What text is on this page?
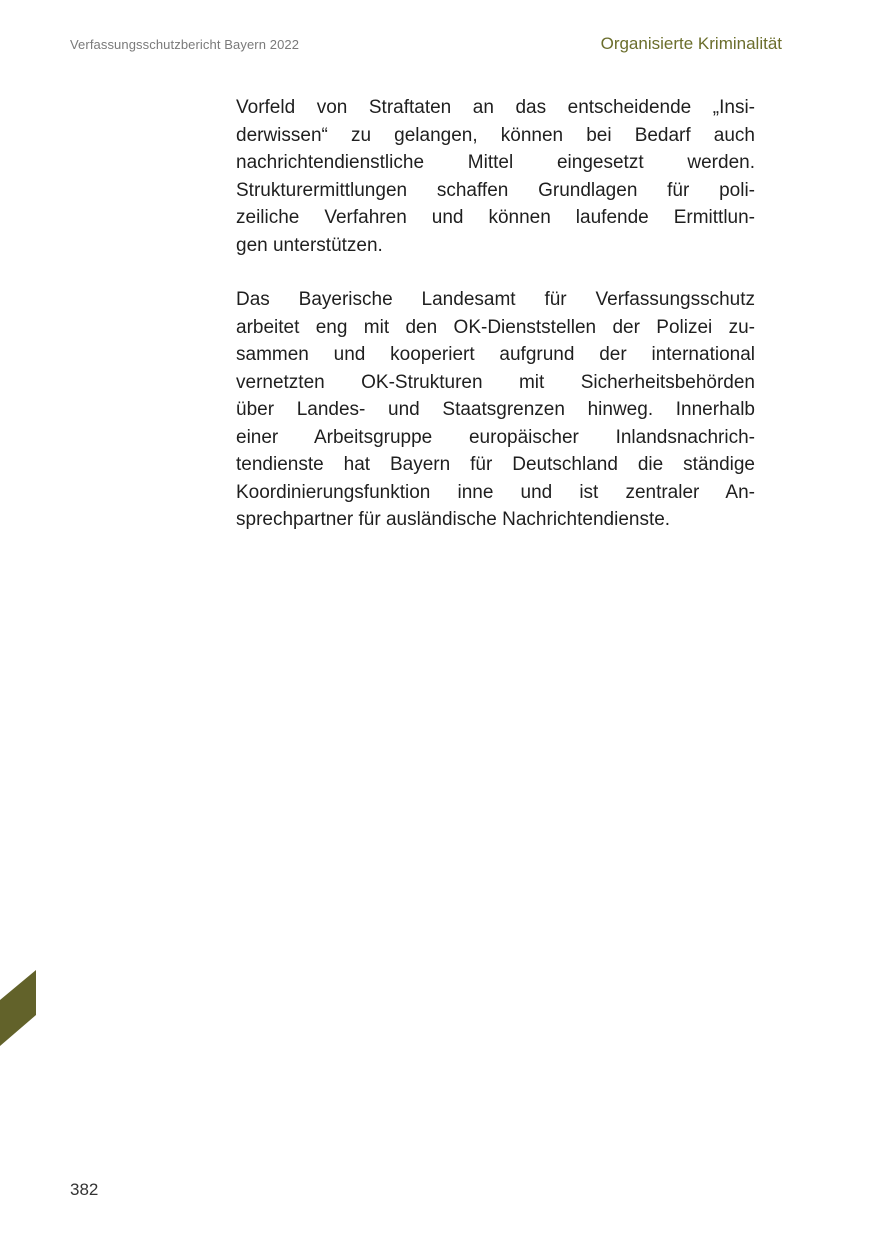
Verfassungsschutzbericht Bayern 2022	Organisierte Kriminalität

Vorfeld von Straftaten an das entscheidende „Insi-
derwissen“ zu gelangen, können bei Bedarf auch
nachrichtendienstliche Mittel eingesetzt werden.
Strukturermittlungen schaffen Grundlagen für poli-
zeiliche Verfahren und können laufende Ermittlun-
gen unterstützen.

Das Bayerische Landesamt für Verfassungsschutz
arbeitet eng mit den OK-Dienststellen der Polizei zu-
sammen und kooperiert aufgrund der international
vernetzten OK-Strukturen mit Sicherheitsbehörden
über Landes- und Staatsgrenzen hinweg. Innerhalb
einer Arbeitsgruppe europäischer Inlandsnachrich-
tendienste hat Bayern für Deutschland die ständige
Koordinierungsfunktion inne und ist zentraler An-
sprechpartner für ausländische Nachrichtendienste.

382
